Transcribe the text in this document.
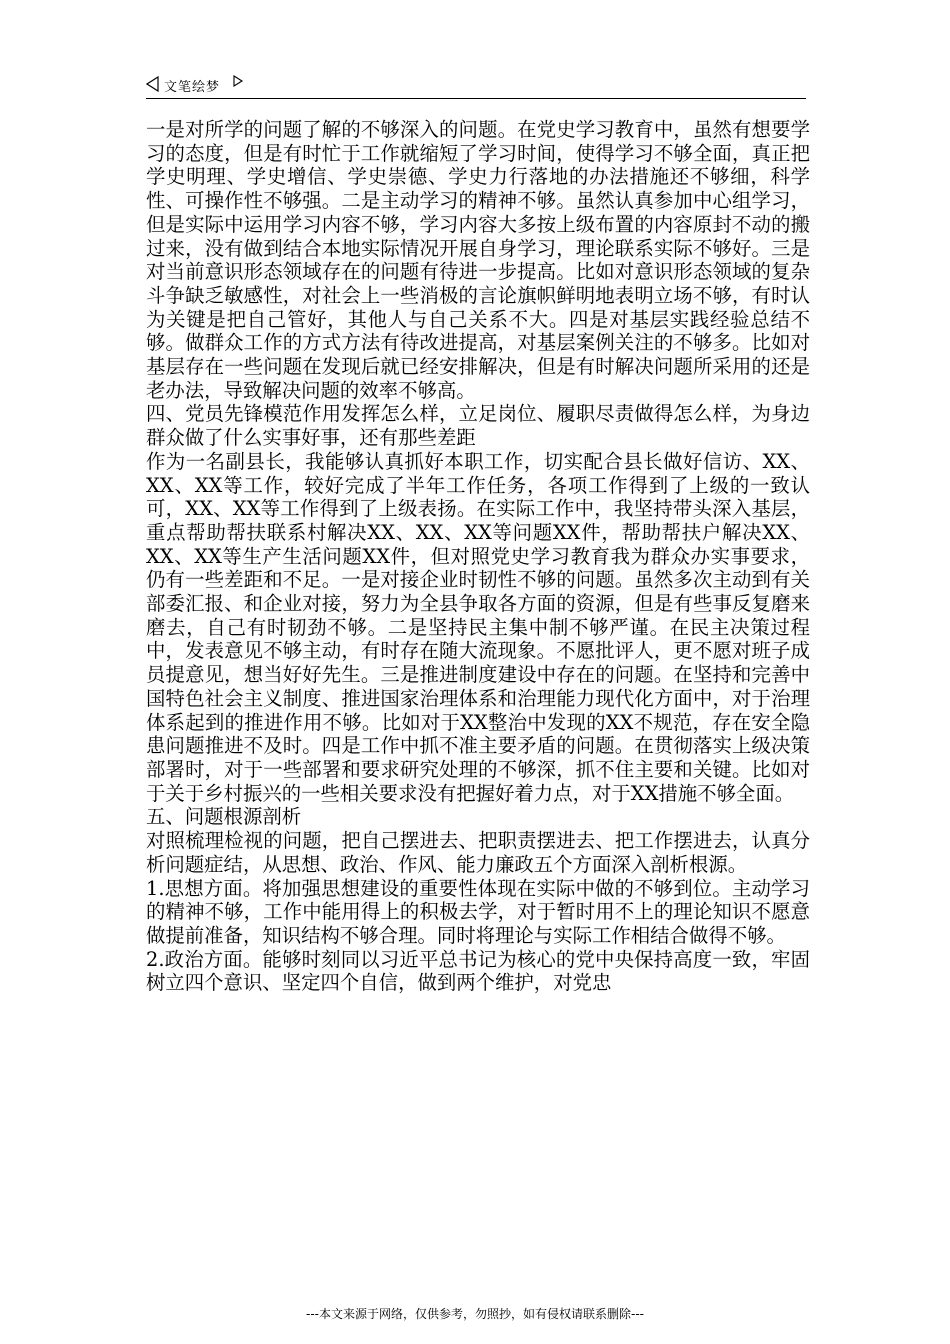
文笔绘梦

一是对所学的问题了解的不够深入的问题。在党史学习教育中，虽然有想要学习的态度，但是有时忙于工作就缩短了学习时间，使得学习不够全面，真正把学史明理、学史增信、学史崇德、学史力行落地的办法措施还不够细，科学性、可操作性不够强。二是主动学习的精神不够。虽然认真参加中心组学习，但是实际中运用学习内容不够，学习内容大多按上级布置的内容原封不动的搬过来，没有做到结合本地实际情况开展自身学习，理论联系实际不够好。三是对当前意识形态领域存在的问题有待进一步提高。比如对意识形态领域的复杂斗争缺乏敏感性，对社会上一些消极的言论旗帜鲜明地表明立场不够，有时认为关键是把自己管好，其他人与自己关系不大。四是对基层实践经验总结不够。做群众工作的方式方法有待改进提高，对基层案例关注的不够多。比如对基层存在一些问题在发现后就已经安排解决，但是有时解决问题所采用的还是老办法，导致解决问题的效率不够高。

四、党员先锋模范作用发挥怎么样，立足岗位、履职尽责做得怎么样，为身边群众做了什么实事好事，还有那些差距

作为一名副县长，我能够认真抓好本职工作，切实配合县长做好信访、XX、XX、XX等工作，较好完成了半年工作任务，各项工作得到了上级的一致认可，XX、XX等工作得到了上级表扬。在实际工作中，我坚持带头深入基层，重点帮助帮扶联系村解决XX、XX、XX等问题XX件，帮助帮扶户解决XX、XX、XX等生产生活问题XX件，但对照党史学习教育我为群众办实事要求，仍有一些差距和不足。一是对接企业时韧性不够的问题。虽然多次主动到有关部委汇报、和企业对接，努力为全县争取各方面的资源，但是有些事反复磨来磨去，自己有时韧劲不够。二是坚持民主集中制不够严谨。在民主决策过程中，发表意见不够主动，有时存在随大流现象。不愿批评人，更不愿对班子成员提意见，想当好好先生。三是推进制度建设中存在的问题。在坚持和完善中国特色社会主义制度、推进国家治理体系和治理能力现代化方面中，对于治理体系起到的推进作用不够。比如对于XX整治中发现的XX不规范，存在安全隐患问题推进不及时。四是工作中抓不准主要矛盾的问题。在贯彻落实上级决策部署时，对于一些部署和要求研究处理的不够深，抓不住主要和关键。比如对于关于乡村振兴的一些相关要求没有把握好着力点，对于XX措施不够全面。

五、问题根源剖析

对照梳理检视的问题，把自己摆进去、把职责摆进去、把工作摆进去，认真分析问题症结，从思想、政治、作风、能力廉政五个方面深入剖析根源。

1.思想方面。将加强思想建设的重要性体现在实际中做的不够到位。主动学习的精神不够，工作中能用得上的积极去学，对于暂时用不上的理论知识不愿意做提前准备，知识结构不够合理。同时将理论与实际工作相结合做得不够。

2.政治方面。能够时刻同以习近平总书记为核心的党中央保持高度一致，牢固树立四个意识、坚定四个自信，做到两个维护，对党忠

---本文来源于网络，仅供参考，勿照抄，如有侵权请联系删除---
